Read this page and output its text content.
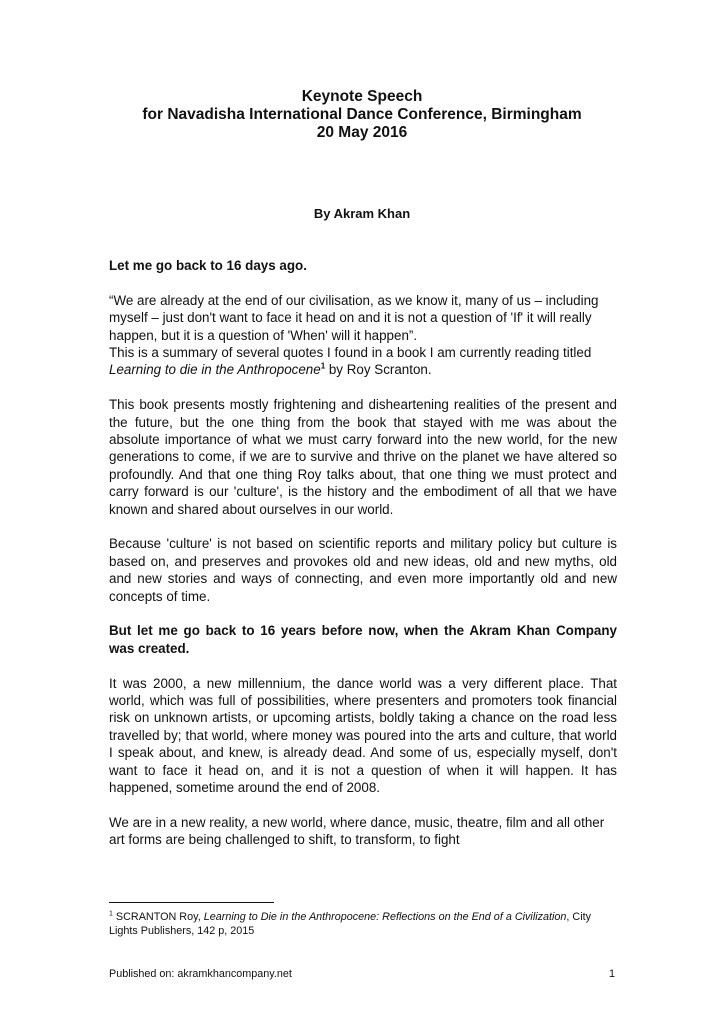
Keynote Speech
for Navadisha International Dance Conference, Birmingham
20 May 2016
By Akram Khan

Let me go back to 16 days ago.

“We are already at the end of our civilisation, as we know it, many of us – including myself – just don't want to face it head on and it is not a question of 'If' it will really happen, but it is a question of 'When' will it happen”.
This is a summary of several quotes I found in a book I am currently reading titled Learning to die in the Anthropocene$^1$ by Roy Scranton.

This book presents mostly frightening and disheartening realities of the present and the future, but the one thing from the book that stayed with me was about the absolute importance of what we must carry forward into the new world, for the new generations to come, if we are to survive and thrive on the planet we have altered so profoundly. And that one thing Roy talks about, that one thing we must protect and carry forward is our 'culture', is the history and the embodiment of all that we have known and shared about ourselves in our world.

Because 'culture' is not based on scientific reports and military policy but culture is based on, and preserves and provokes old and new ideas, old and new myths, old and new stories and ways of connecting, and even more importantly old and new concepts of time.

But let me go back to 16 years before now, when the Akram Khan Company was created.

It was 2000, a new millennium, the dance world was a very different place. That world, which was full of possibilities, where presenters and promoters took financial risk on unknown artists, or upcoming artists, boldly taking a chance on the road less travelled by; that world, where money was poured into the arts and culture, that world I speak about, and knew, is already dead. And some of us, especially myself, don't want to face it head on, and it is not a question of when it will happen. It has happened, sometime around the end of 2008.

We are in a new reality, a new world, where dance, music, theatre, film and all other art forms are being challenged to shift, to transform, to fight

$^1$ SCRANTON Roy, Learning to Die in the Anthropocene: Reflections on the End of a Civilization, City Lights Publishers, 142 p, 2015
Published on: akramkhancompany.net	1
